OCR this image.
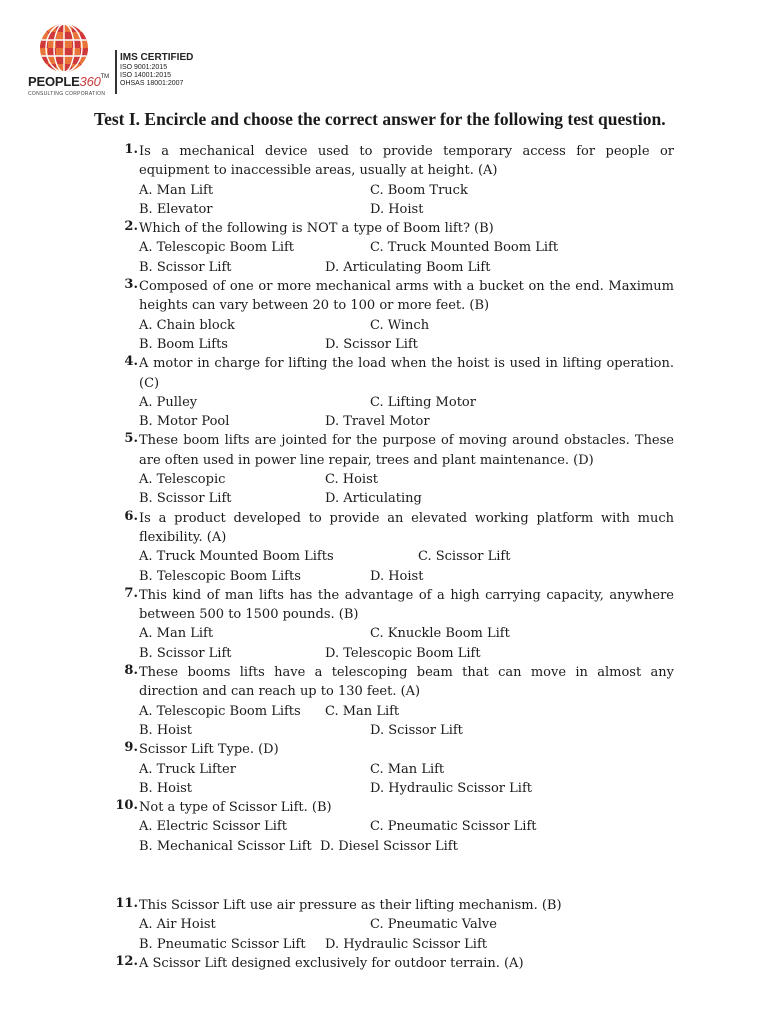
PEOPLE360™
CONSULTING CORPORATION
IMS CERTIFIED
ISO 9001:2015
ISO 14001:2015
OHSAS 18001:2007
Test I. Encircle and choose the correct answer for the following test question.
1. Is a mechanical device used to provide temporary access for people or equipment to inaccessible areas, usually at height. (A)
A. Man Lift	C. Boom Truck
B. Elevator	D. Hoist
2. Which of the following is NOT a type of Boom lift? (B)
A. Telescopic Boom Lift	C. Truck Mounted Boom Lift
B. Scissor Lift	D. Articulating Boom Lift
3. Composed of one or more mechanical arms with a bucket on the end. Maximum heights can vary between 20 to 100 or more feet. (B)
A. Chain block	C. Winch
B. Boom Lifts	D. Scissor Lift
4. A motor in charge for lifting the load when the hoist is used in lifting operation. (C)
A. Pulley	C. Lifting Motor
B. Motor Pool	D. Travel Motor
5. These boom lifts are jointed for the purpose of moving around obstacles. These are often used in power line repair, trees and plant maintenance. (D)
A. Telescopic	C. Hoist
B. Scissor Lift	D. Articulating
6. Is a product developed to provide an elevated working platform with much flexibility. (A)
A. Truck Mounted Boom Lifts	C. Scissor Lift
B. Telescopic Boom Lifts	D. Hoist
7. This kind of man lifts has the advantage of a high carrying capacity, anywhere between 500 to 1500 pounds. (B)
A. Man Lift	C. Knuckle Boom Lift
B. Scissor Lift	D. Telescopic Boom Lift
8. These booms lifts have a telescoping beam that can move in almost any direction and can reach up to 130 feet. (A)
A. Telescopic Boom Lifts C. Man Lift
B. Hoist	D. Scissor Lift
9. Scissor Lift Type. (D)
A. Truck Lifter	C. Man Lift
B. Hoist	D. Hydraulic Scissor Lift
10. Not a type of Scissor Lift. (B)
A. Electric Scissor Lift	C. Pneumatic Scissor Lift
B. Mechanical Scissor Lift D. Diesel Scissor Lift
11. This Scissor Lift use air pressure as their lifting mechanism. (B)
A. Air Hoist	C. Pneumatic Valve
B. Pneumatic Scissor Lift D. Hydraulic Scissor Lift
12. A Scissor Lift designed exclusively for outdoor terrain. (A)
